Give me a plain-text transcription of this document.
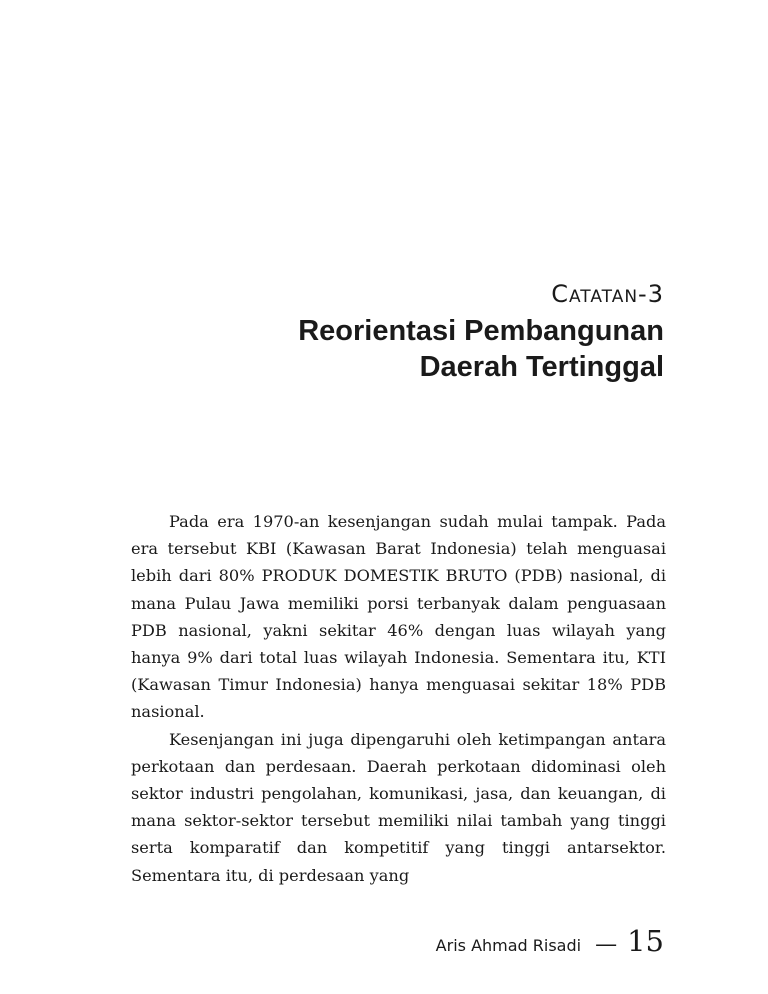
Catatan-3
Reorientasi Pembangunan
Daerah Tertinggal

Pada era 1970-an kesenjangan sudah mulai tampak. Pada era tersebut KBI (Kawasan Barat Indonesia) telah menguasai lebih dari 80% PRODUK DOMESTIK BRUTO (PDB) nasional, di mana Pulau Jawa memiliki porsi terbanyak dalam penguasaan PDB nasional, yakni sekitar 46% dengan luas wilayah yang hanya 9% dari total luas wilayah Indonesia. Sementara itu, KTI (Kawasan Timur Indonesia) hanya menguasai sekitar 18% PDB nasional.

Kesenjangan ini juga dipengaruhi oleh ketimpangan antara perkotaan dan perdesaan. Daerah perkotaan didominasi oleh sektor industri pengolahan, komunikasi, jasa, dan keuangan, di mana sektor-sektor tersebut memiliki nilai tambah yang tinggi serta komparatif dan kompetitif yang tinggi antarsektor. Sementara itu, di perdesaan yang

Aris Ahmad Risadi — 15
